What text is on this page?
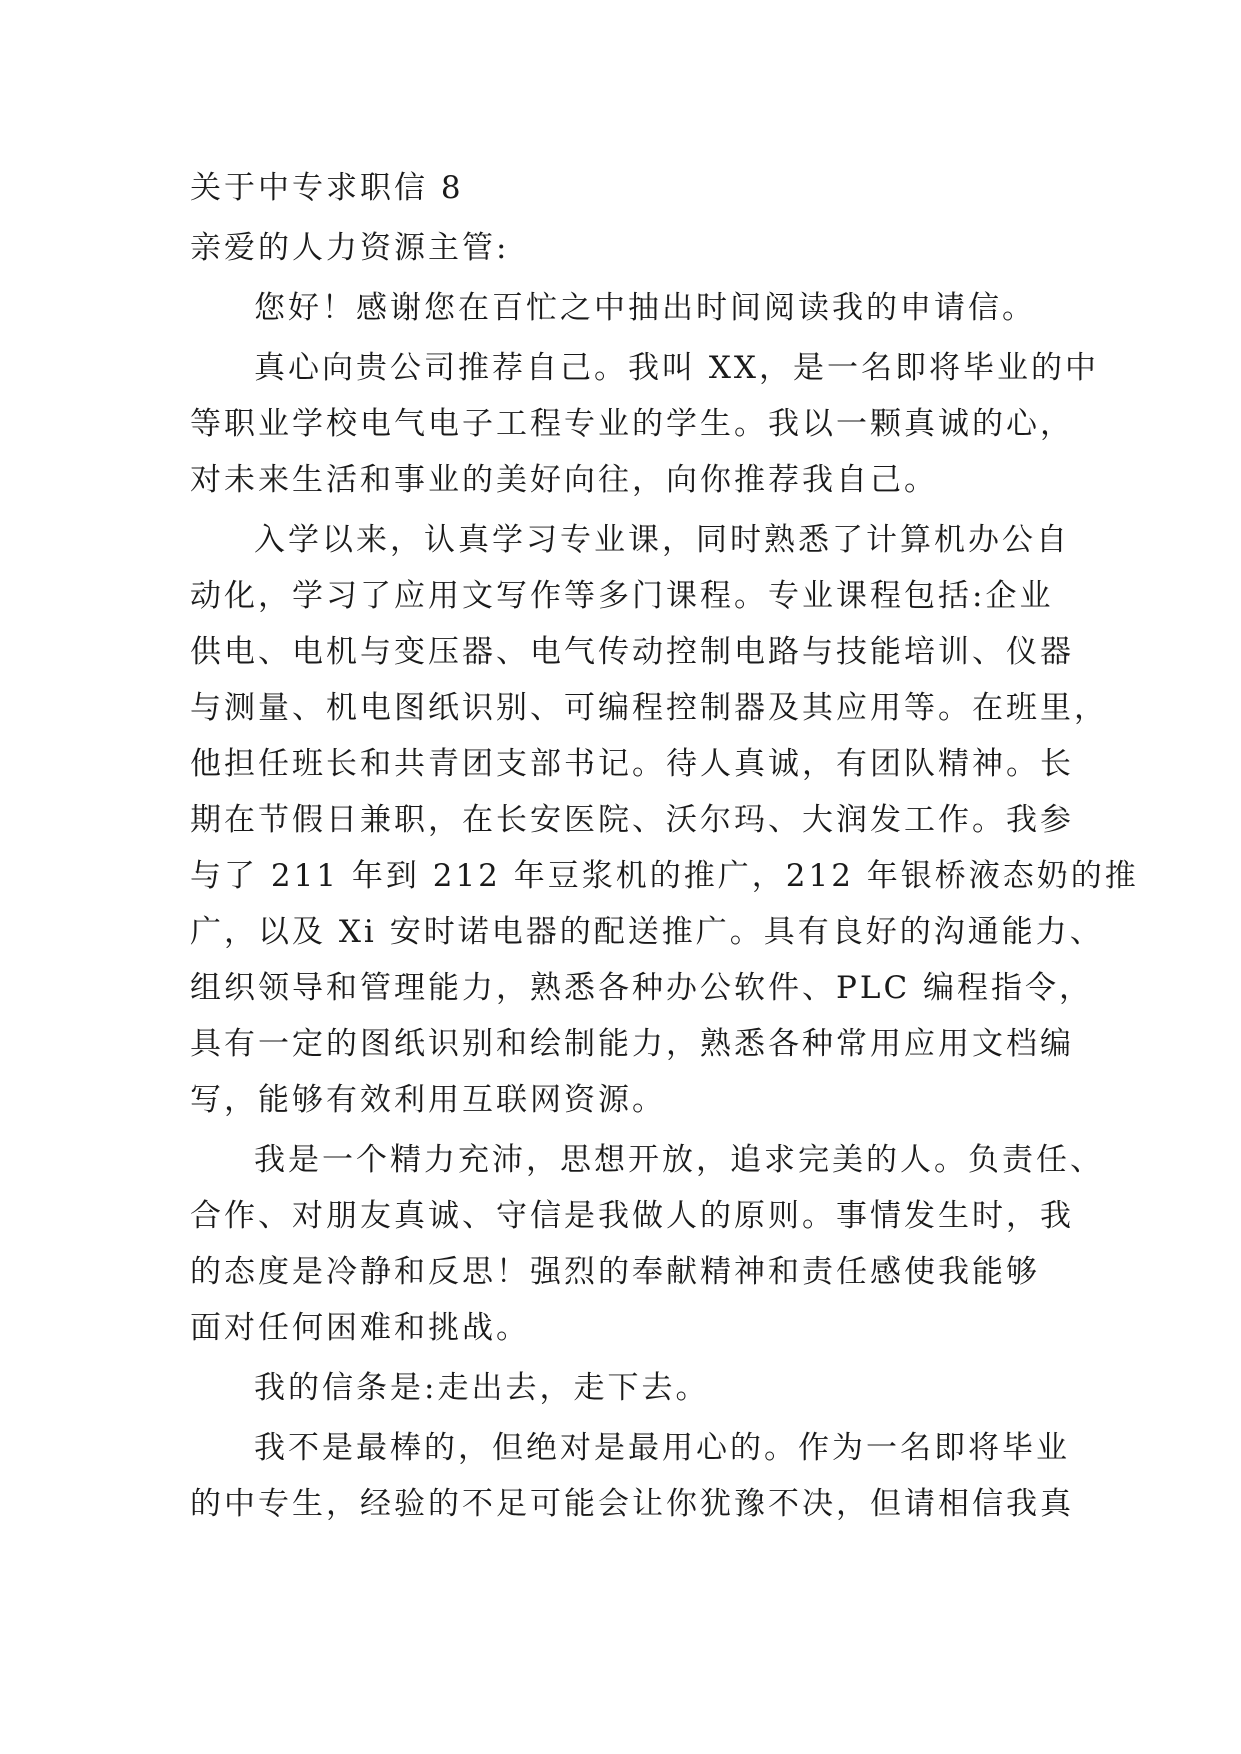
关于中专求职信 8

亲爱的人力资源主管:

您好！感谢您在百忙之中抽出时间阅读我的申请信。

真心向贵公司推荐自己。我叫 XX，是一名即将毕业的中
等职业学校电气电子工程专业的学生。我以一颗真诚的心，
对未来生活和事业的美好向往，向你推荐我自己。

入学以来，认真学习专业课，同时熟悉了计算机办公自
动化，学习了应用文写作等多门课程。专业课程包括:企业
供电、电机与变压器、电气传动控制电路与技能培训、仪器
与测量、机电图纸识别、可编程控制器及其应用等。在班里，
他担任班长和共青团支部书记。待人真诚，有团队精神。长
期在节假日兼职，在长安医院、沃尔玛、大润发工作。我参
与了 211 年到 212 年豆浆机的推广，212 年银桥液态奶的推
广，以及 Xi 安时诺电器的配送推广。具有良好的沟通能力、
组织领导和管理能力，熟悉各种办公软件、PLC 编程指令，
具有一定的图纸识别和绘制能力，熟悉各种常用应用文档编
写，能够有效利用互联网资源。

我是一个精力充沛，思想开放，追求完美的人。负责任、
合作、对朋友真诚、守信是我做人的原则。事情发生时，我
的态度是冷静和反思！强烈的奉献精神和责任感使我能够
面对任何困难和挑战。

我的信条是:走出去，走下去。

我不是最棒的，但绝对是最用心的。作为一名即将毕业
的中专生，经验的不足可能会让你犹豫不决，但请相信我真
